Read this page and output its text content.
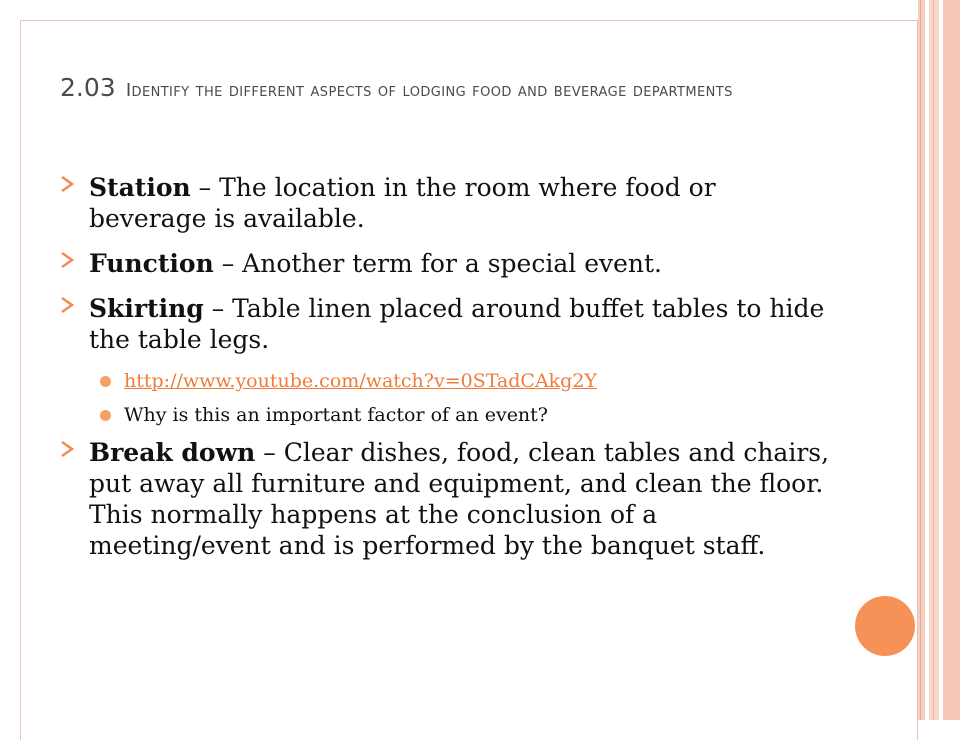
2.03 Identify the different aspects of lodging food and beverage departments
Station – The location in the room where food or beverage is available.
Function – Another term for a special event.
Skirting – Table linen placed around buffet tables to hide the table legs.
http://www.youtube.com/watch?v=0STadCAkg2Y
Why is this an important factor of an event?
Break down – Clear dishes, food, clean tables and chairs, put away all furniture and equipment, and clean the floor. This normally happens at the conclusion of a meeting/event and is performed by the banquet staff.
